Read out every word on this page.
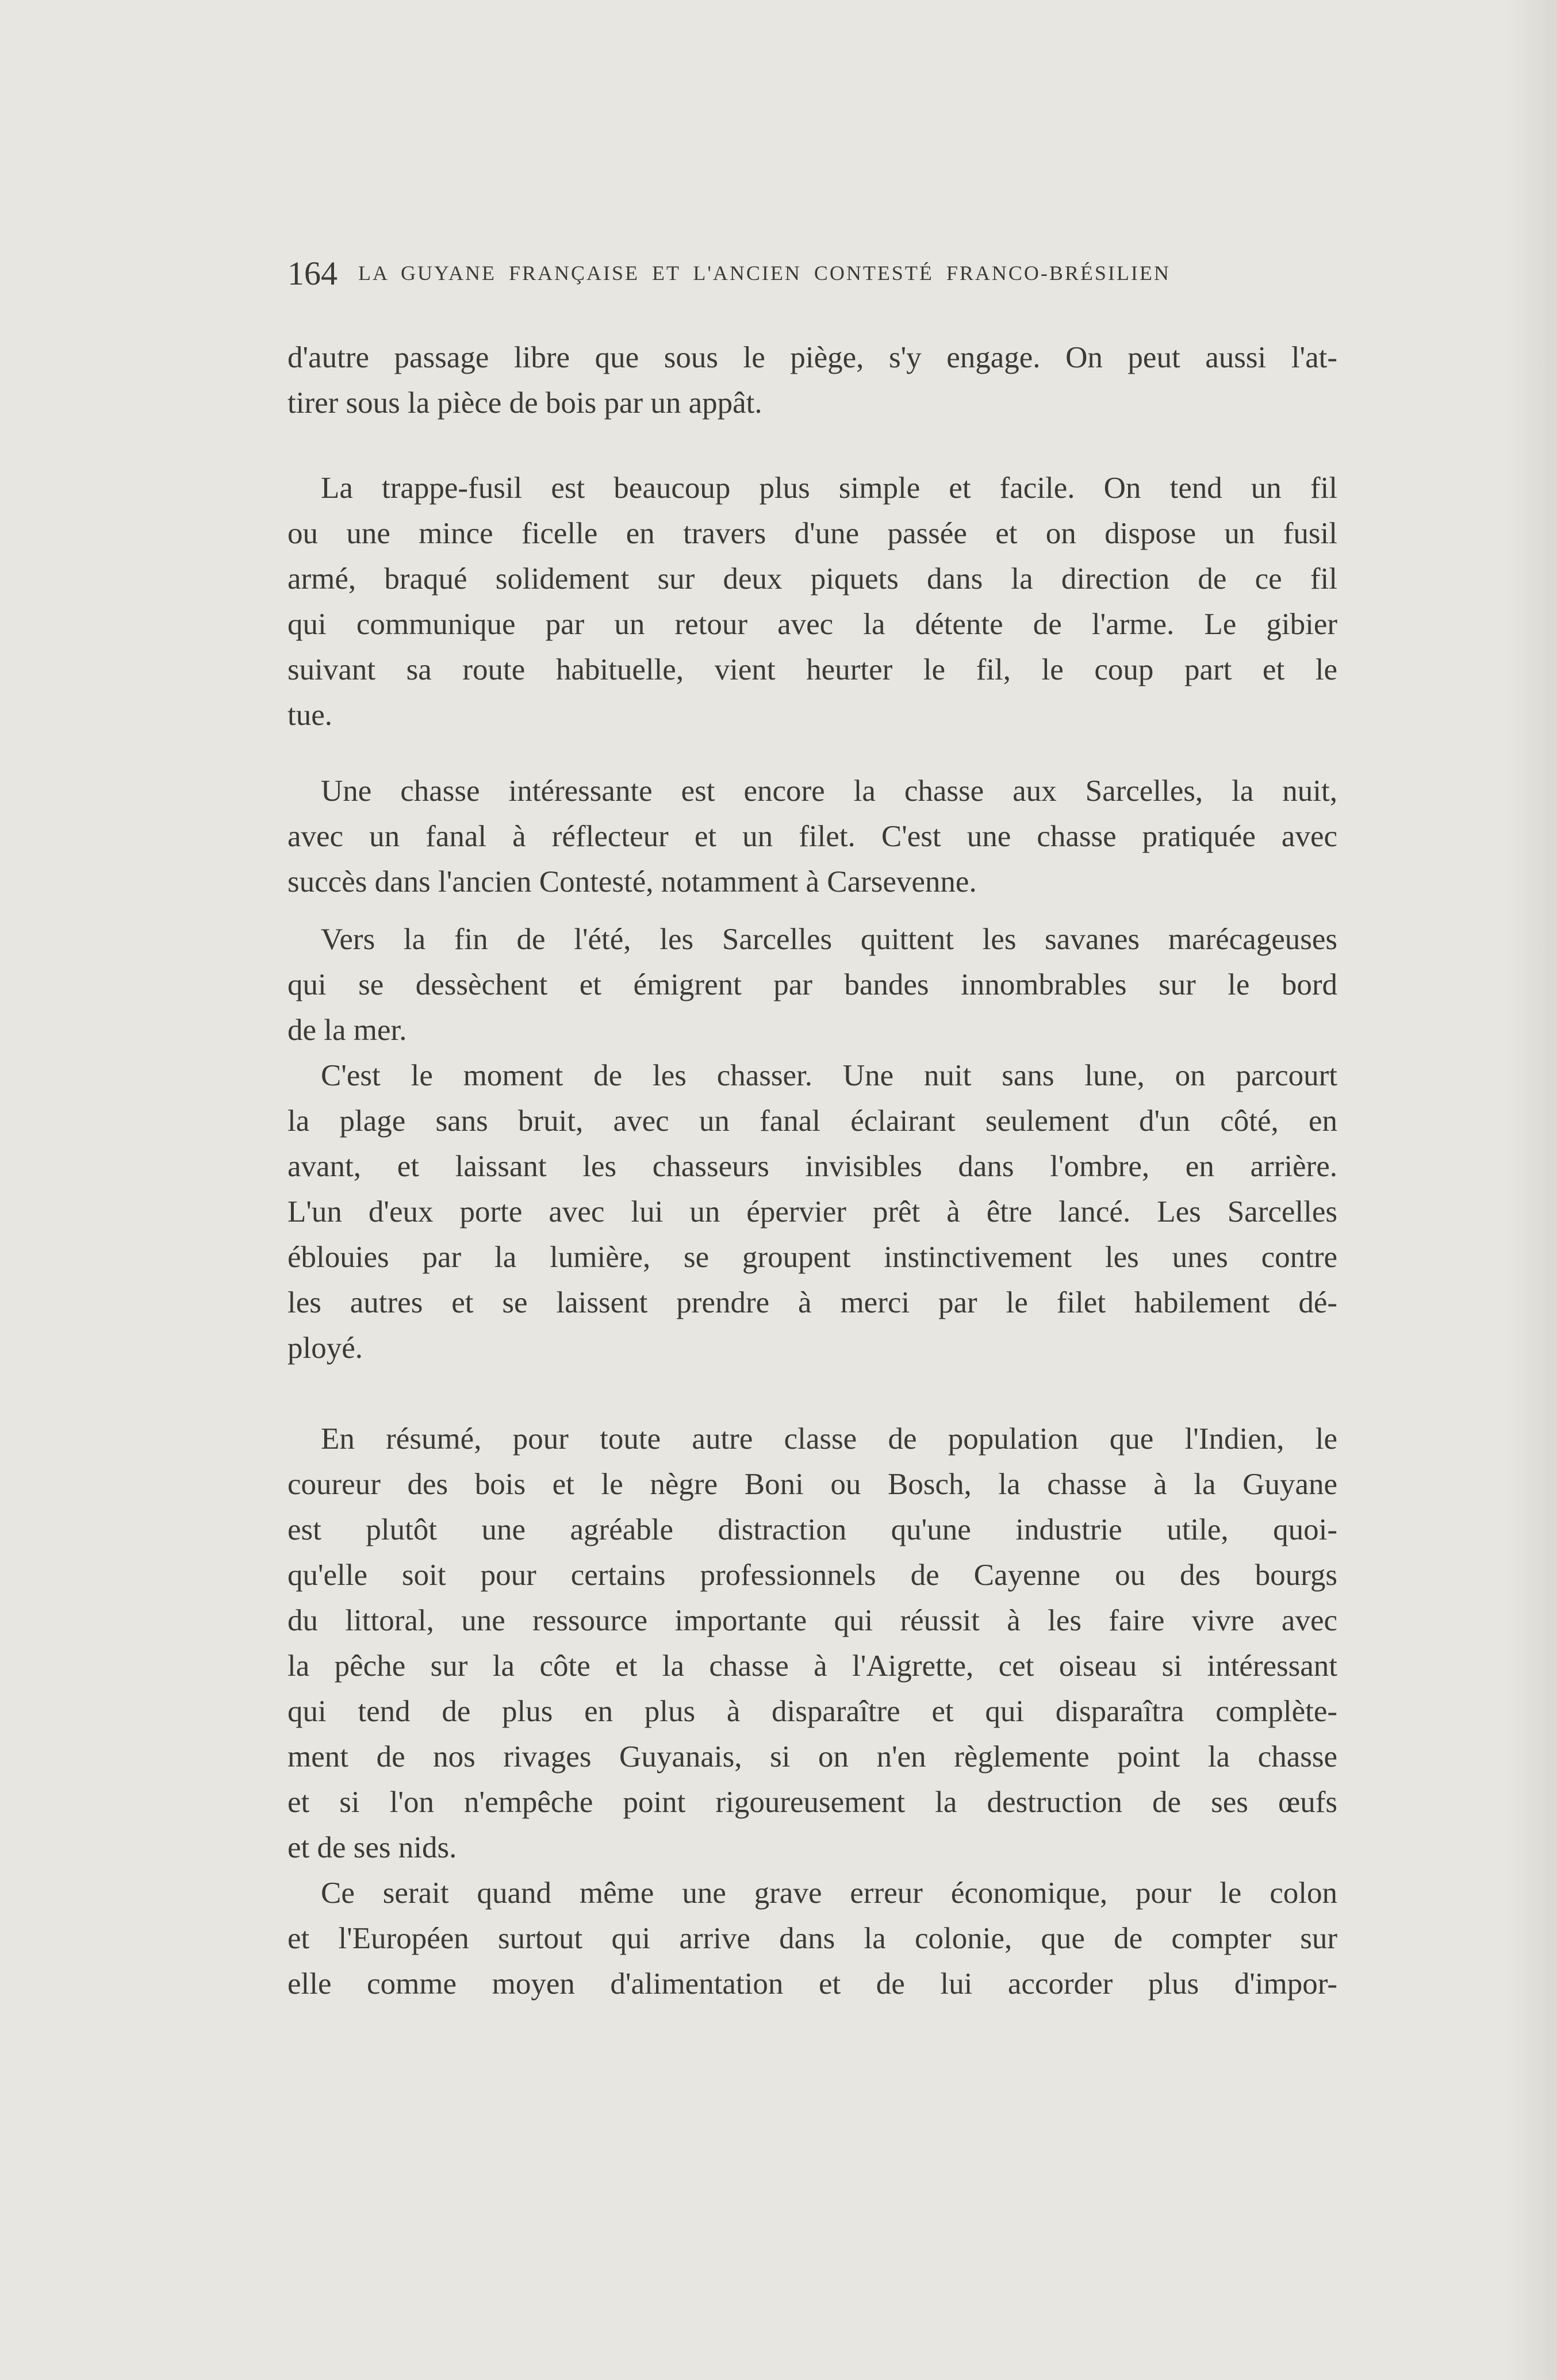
164 LA GUYANE FRANÇAISE ET L'ANCIEN CONTESTÉ FRANCO-BRÉSILIEN
d'autre passage libre que sous le piège, s'y engage. On peut aussi l'at-
tirer sous la pièce de bois par un appât.
La trappe-fusil est beaucoup plus simple et facile. On tend un fil
ou une mince ficelle en travers d'une passée et on dispose un fusil
armé, braqué solidement sur deux piquets dans la direction de ce fil
qui communique par un retour avec la détente de l'arme. Le gibier
suivant sa route habituelle, vient heurter le fil, le coup part et le
tue.
Une chasse intéressante est encore la chasse aux Sarcelles, la nuit,
avec un fanal à réflecteur et un filet. C'est une chasse pratiquée avec
succès dans l'ancien Contesté, notamment à Carsevenne.
Vers la fin de l'été, les Sarcelles quittent les savanes marécageuses
qui se dessèchent et émigrent par bandes innombrables sur le bord
de la mer.
C'est le moment de les chasser. Une nuit sans lune, on parcourt
la plage sans bruit, avec un fanal éclairant seulement d'un côté, en
avant, et laissant les chasseurs invisibles dans l'ombre, en arrière.
L'un d'eux porte avec lui un épervier prêt à être lancé. Les Sarcelles
éblouies par la lumière, se groupent instinctivement les unes contre
les autres et se laissent prendre à merci par le filet habilement dé-
ployé.
En résumé, pour toute autre classe de population que l'Indien, le
coureur des bois et le nègre Boni ou Bosch, la chasse à la Guyane
est plutôt une agréable distraction qu'une industrie utile, quoi-
qu'elle soit pour certains professionnels de Cayenne ou des bourgs
du littoral, une ressource importante qui réussit à les faire vivre avec
la pêche sur la côte et la chasse à l'Aigrette, cet oiseau si intéressant
qui tend de plus en plus à disparaître et qui disparaîtra complète-
ment de nos rivages Guyanais, si on n'en règlemente point la chasse
et si l'on n'empêche point rigoureusement la destruction de ses œufs
et de ses nids.
Ce serait quand même une grave erreur économique, pour le colon
et l'Européen surtout qui arrive dans la colonie, que de compter sur
elle comme moyen d'alimentation et de lui accorder plus d'impor-
